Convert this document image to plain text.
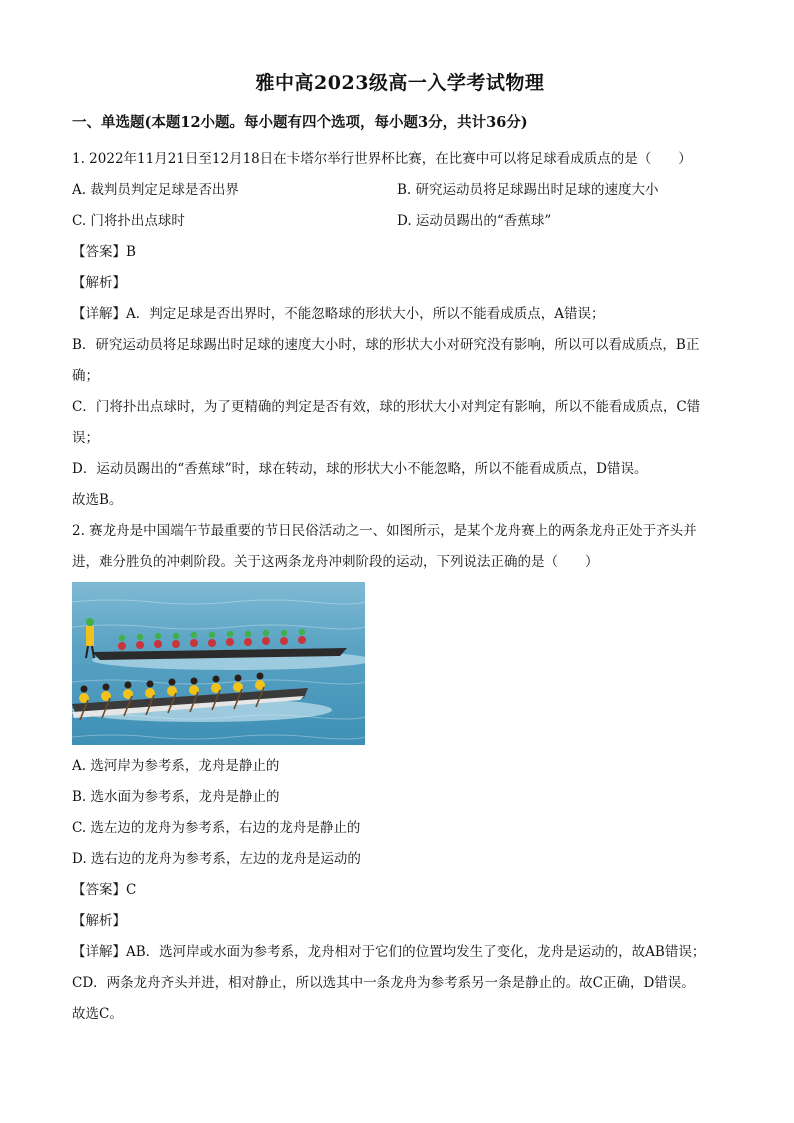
雅中高2023级高一入学考试物理
一、单选题(本题12小题。每小题有四个选项，每小题3分，共计36分)

1. 2022年11月21日至12月18日在卡塔尔举行世界杯比赛，在比赛中可以将足球看成质点的是（　　）

A. 裁判员判定足球是否出界	B. 研究运动员将足球踢出时足球的速度大小
C. 门将扑出点球时	D. 运动员踢出的“香蕉球”

【答案】B

【解析】

【详解】A．判定足球是否出界时，不能忽略球的形状大小，所以不能看成质点，A错误；

B．研究运动员将足球踢出时足球的速度大小时，球的形状大小对研究没有影响，所以可以看成质点，B正

确；

C．门将扑出点球时，为了更精确的判定是否有效，球的形状大小对判定有影响，所以不能看成质点，C错

误；

D．运动员踢出的“香蕉球”时，球在转动，球的形状大小不能忽略，所以不能看成质点，D错误。

故选B。

2. 赛龙舟是中国端午节最重要的节日民俗活动之一、如图所示，是某个龙舟赛上的两条龙舟正处于齐头并

进，难分胜负的冲刺阶段。关于这两条龙舟冲刺阶段的运动，下列说法正确的是（　　）

A. 选河岸为参考系，龙舟是静止的

B. 选水面为参考系，龙舟是静止的

C. 选左边的龙舟为参考系，右边的龙舟是静止的

D. 选右边的龙舟为参考系，左边的龙舟是运动的

【答案】C

【解析】

【详解】AB．选河岸或水面为参考系，龙舟相对于它们的位置均发生了变化，龙舟是运动的，故AB错误；

CD．两条龙舟齐头并进，相对静止，所以选其中一条龙舟为参考系另一条是静止的。故C正确，D错误。

故选C。
